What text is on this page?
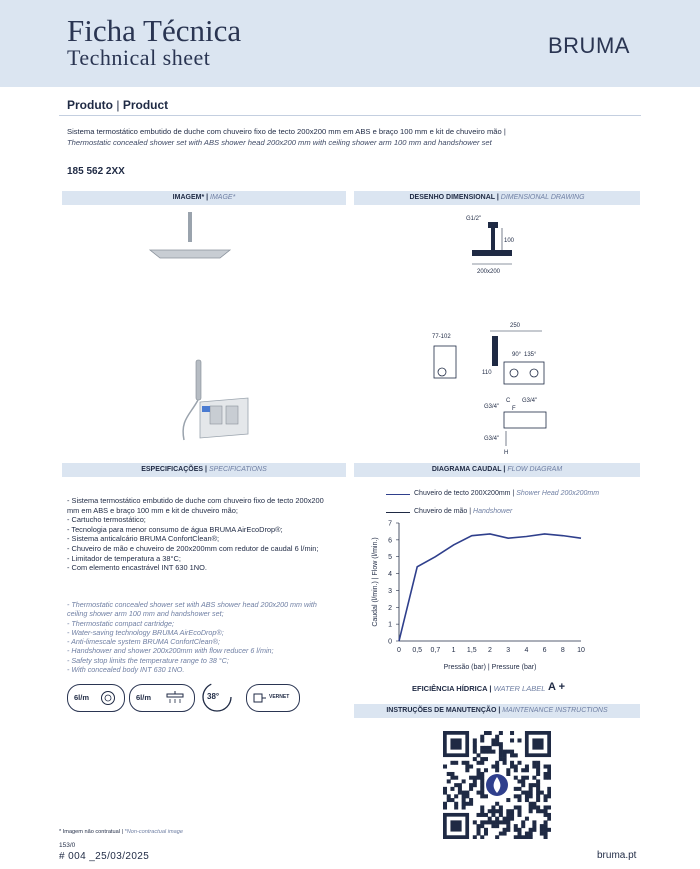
Ficha Técnica
Technical sheet	BRUMA
Produto | Product
Sistema termostático embutido de duche com chuveiro fixo de tecto 200x200 mm em ABS e braço 100 mm e kit de chuveiro mão |
Thermostatic concealed shower set with ABS shower head 200x200 mm with ceiling shower arm 100 mm and handshower set
185 562 2XX
IMAGEM* | IMAGE*	DESENHO DIMENSIONAL | DIMENSIONAL DRAWING
ESPECIFICAÇÕES | SPECIFICATIONS	DIAGRAMA CAUDAL | FLOW DIAGRAM
INSTRUÇÕES DE MANUTENÇÃO | MAINTENANCE INSTRUCTIONS
G1/2"
100
200x200
77-102
250
90° 135°
110
G3/4"
C G3/4"
F
G3/4"
H
- Sistema termostático embutido de duche com chuveiro fixo de tecto 200x200 mm em ABS e braço 100 mm e kit de chuveiro mão;
- Cartucho termostático;
- Tecnologia para menor consumo de água BRUMA AirEcoDrop®;
- Sistema anticalcário BRUMA ConfortClean®;
- Chuveiro de mão e chuveiro de 200x200mm com redutor de caudal 6 l/min;
- Limitador de temperatura a 38°C;
- Com elemento encastrável INT 630 1NO.
- Thermostatic concealed shower set with ABS shower head 200x200 mm with ceiling shower arm 100 mm and handshower set;
- Thermostatic compact cartridge;
- Water-saving technology BRUMA AirEcoDrop®;
- Anti-limescale system BRUMA ConfortClean®;
- Handshower and shower 200x200mm with flow reducer 6 l/min;
- Safety stop limits the temperature range to 38 °C;
- With concealed body INT 630 1NO.
6l/m	6l/m	38°	VERNET
Chuveiro de tecto 200X200mm | Shower Head 200x200mm
Chuveiro de mão | Handshower
0
1
2
3
4
5
6
7
0 0,5 0,7 1 1,5 2 3 4 6 8 10
Pressão (bar) | Pressure (bar)
Caudal (l/min.) | Flow (l/min.)
EFICIÊNCIA HÍDRICA | WATER LABEL A +
* Imagem não contratual | *Non-contractual image
153/0
# 004 _25/03/2025	bruma.pt
